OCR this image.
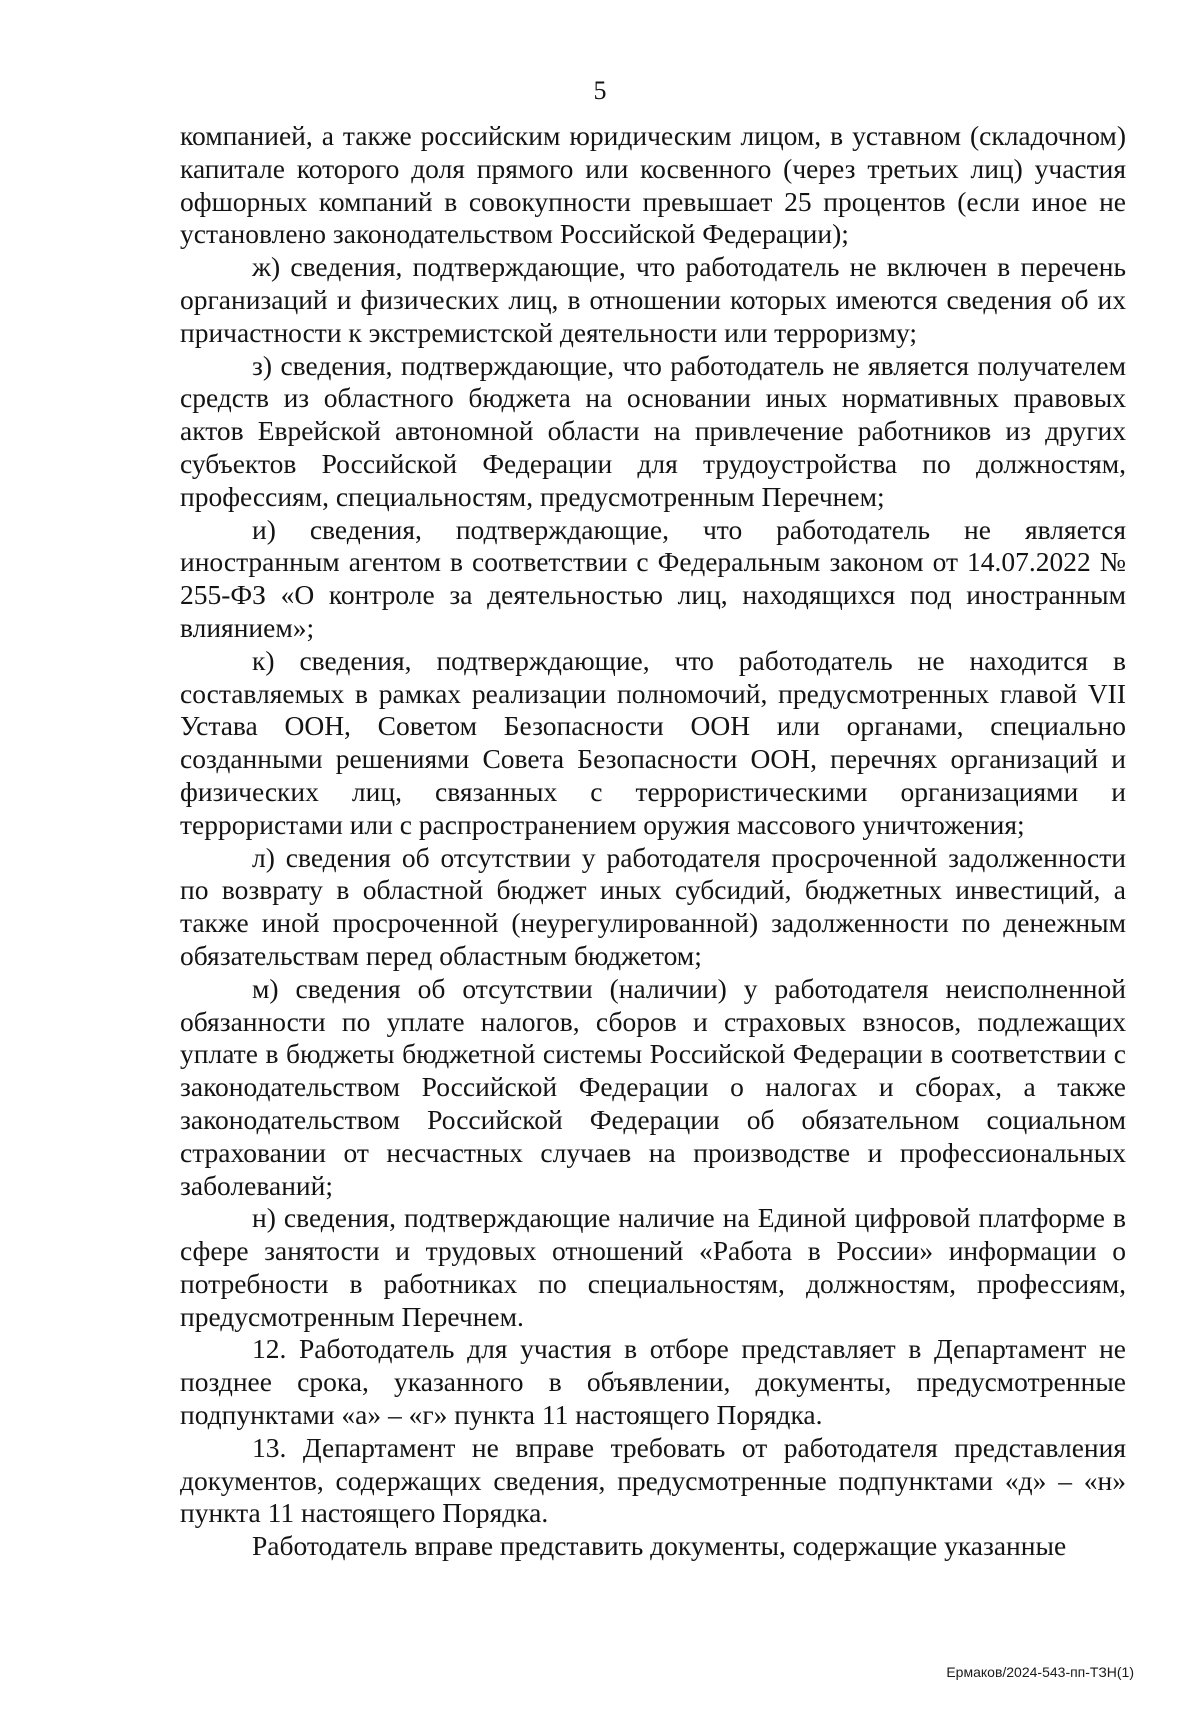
5

компанией, а также российским юридическим лицом, в уставном (складочном) капитале которого доля прямого или косвенного (через третьих лиц) участия офшорных компаний в совокупности превышает 25 процентов (если иное не установлено законодательством Российской Федерации);

ж) сведения, подтверждающие, что работодатель не включен в перечень организаций и физических лиц, в отношении которых имеются сведения об их причастности к экстремистской деятельности или терроризму;

з) сведения, подтверждающие, что работодатель не является получателем средств из областного бюджета на основании иных нормативных правовых актов Еврейской автономной области на привлечение работников из других субъектов Российской Федерации для трудоустройства по должностям, профессиям, специальностям, предусмотренным Перечнем;

и) сведения, подтверждающие, что работодатель не является иностранным агентом в соответствии с Федеральным законом от 14.07.2022 № 255-ФЗ «О контроле за деятельностью лиц, находящихся под иностранным влиянием»;

к) сведения, подтверждающие, что работодатель не находится в составляемых в рамках реализации полномочий, предусмотренных главой VII Устава ООН, Советом Безопасности ООН или органами, специально созданными решениями Совета Безопасности ООН, перечнях организаций и физических лиц, связанных с террористическими организациями и террористами или с распространением оружия массового уничтожения;

л) сведения об отсутствии у работодателя просроченной задолженности по возврату в областной бюджет иных субсидий, бюджетных инвестиций, а также иной просроченной (неурегулированной) задолженности по денежным обязательствам перед областным бюджетом;

м) сведения об отсутствии (наличии) у работодателя неисполненной обязанности по уплате налогов, сборов и страховых взносов, подлежащих уплате в бюджеты бюджетной системы Российской Федерации в соответствии с законодательством Российской Федерации о налогах и сборах, а также законодательством Российской Федерации об обязательном социальном страховании от несчастных случаев на производстве и профессиональных заболеваний;

н) сведения, подтверждающие наличие на Единой цифровой платформе в сфере занятости и трудовых отношений «Работа в России» информации о потребности в работниках по специальностям, должностям, профессиям, предусмотренным Перечнем.

12. Работодатель для участия в отборе представляет в Департамент не позднее срока, указанного в объявлении, документы, предусмотренные подпунктами «а» – «г» пункта 11 настоящего Порядка.

13. Департамент не вправе требовать от работодателя представления документов, содержащих сведения, предусмотренные подпунктами «д» – «н» пункта 11 настоящего Порядка.

Работодатель вправе представить документы, содержащие указанные

Ермаков/2024-543-пп-ТЗН(1)
